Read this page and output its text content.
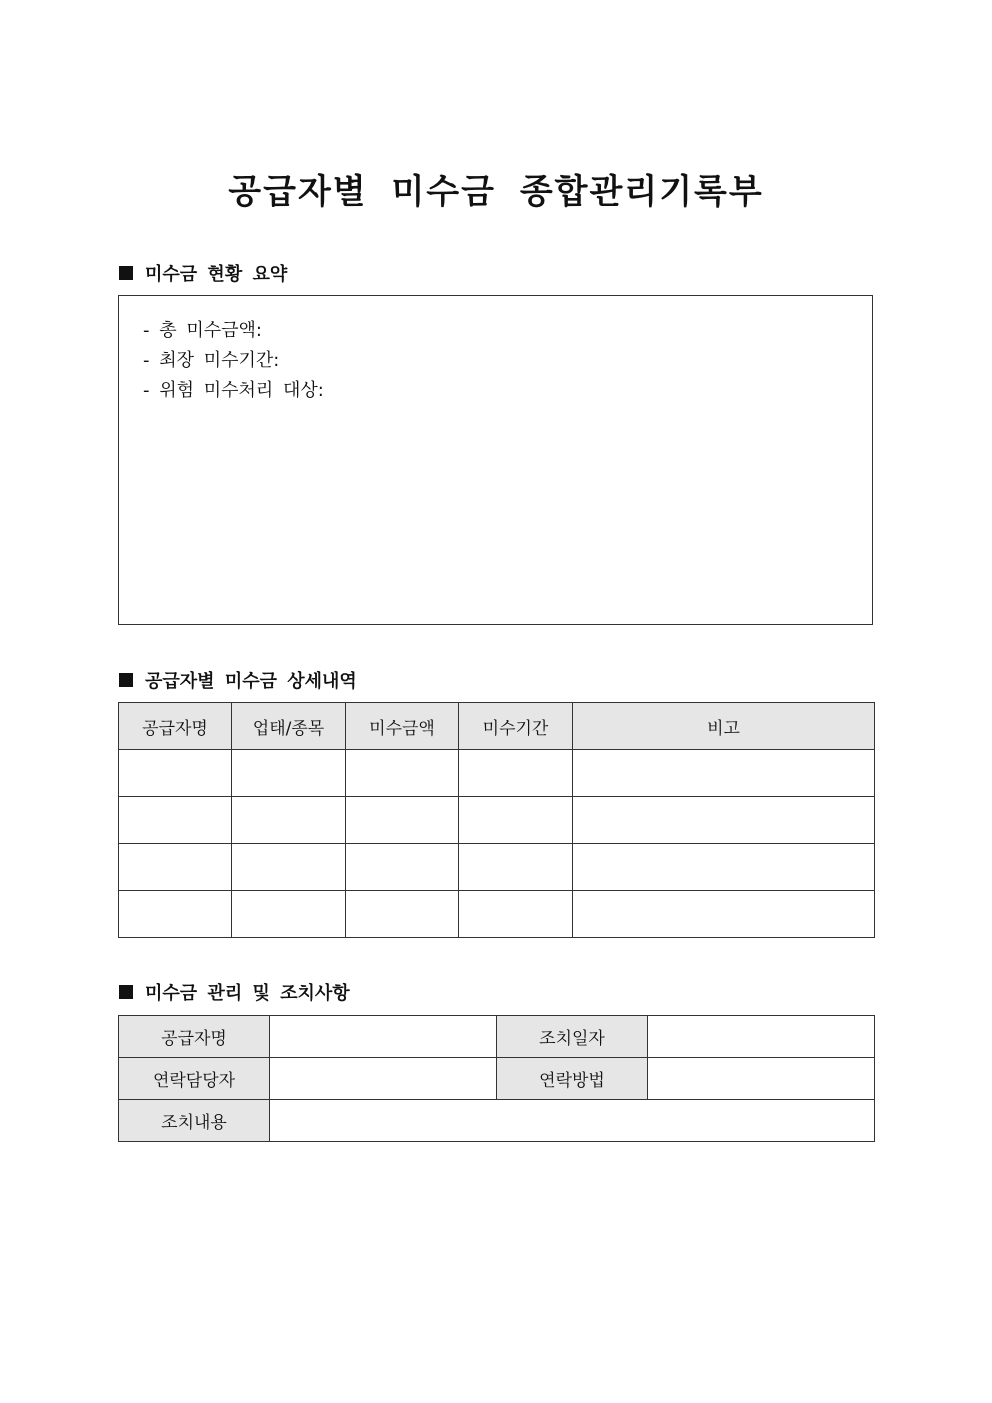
공급자별 미수금 종합관리기록부
미수금 현황 요약
- 총 미수금액:
- 최장 미수기간:
- 위험 미수처리 대상:
공급자별 미수금 상세내역
공급자명	업태/종목	미수금액	미수기간	비고

미수금 관리 및 조치사항
공급자명		조치일자	
연락담당자		연락방법	
조치내용			
